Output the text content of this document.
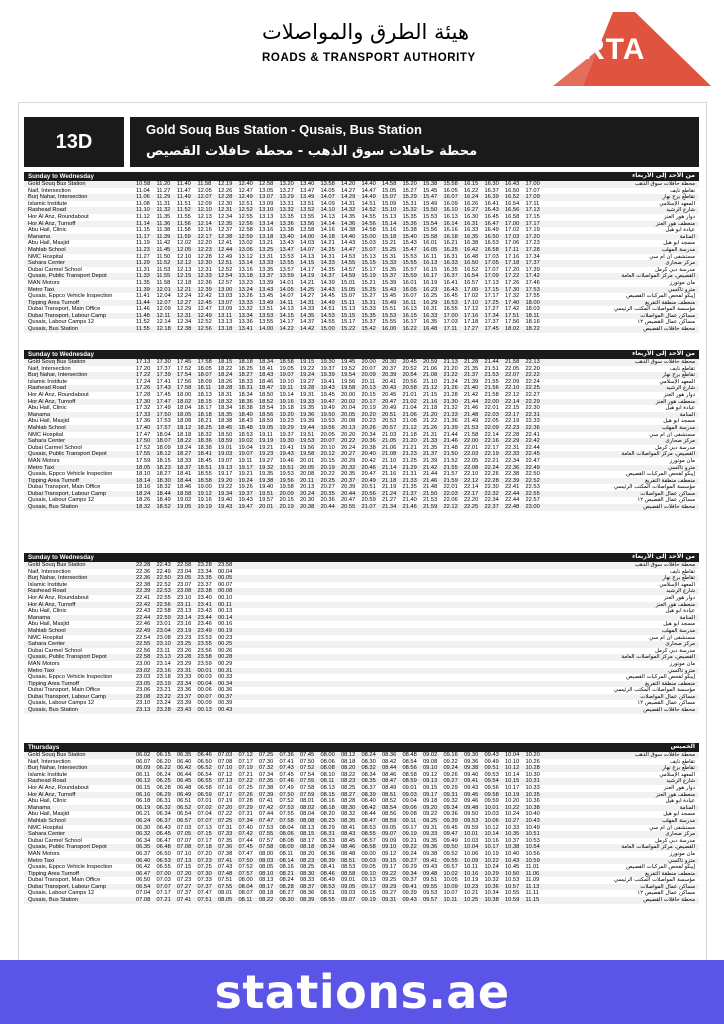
هيئة الطرق والمواصلات
ROADS & TRANSPORT AUTHORITY	RTA
13D
Gold Souq Bus Station - Qusais, Bus Station
محطة حافلات سوق الذهب - محطة حافلات القصيص
Sunday to Wednesday	من الأحد إلى الأربعاء
Gold Souq Bus Station	10.58	11.20	11.40	11.58	12.19	12.40	12.58	13.20	13.40	13.58	14.20	14.40	14.58	15.20	15.38	15.58	16.15	16.30	16.43	17.00	محطة حافلات سوق الذهب
Naif, Intersection	11.04	11.27	11.47	12.05	12.26	12.47	13.05	13.27	13.47	14.05	14.27	14.47	15.05	15.27	15.45	16.05	16.22	16.37	16.50	17.07	تقاطع نايف
Burj Nahar, Intersection	11.06	11.29	11.49	12.07	12.28	12.49	13.07	13.29	13.49	14.07	14.29	14.49	15.07	15.29	15.47	16.07	16.24	16.39	16.52	17.09	تقاطع برج نهار
Islamic Institute	11.08	11.31	11.51	12.09	12.30	12.51	13.09	13.31	13.51	14.09	14.31	14.51	15.09	15.31	15.49	16.09	16.26	16.41	16.54	17.11	المعهد الإسلامي
Rashead Road	11.10	11.32	11.52	12.10	12.31	12.52	13.10	13.32	13.52	14.10	14.32	14.52	15.10	15.32	15.50	16.10	16.27	16.43	16.56	17.13	شارع الرشيد
Hor Al Anz, Roundabout	11.12	11.35	11.55	12.13	12.34	12.55	13.13	13.35	13.55	14.13	14.35	14.55	15.13	15.35	15.53	16.13	16.30	16.45	16.58	17.15	دوار هور العنز
Hor Al Anz, Turnoff	11.14	11.36	11.56	12.14	12.35	12.56	13.14	13.36	13.56	14.14	14.36	14.56	15.14	15.36	15.54	16.14	16.31	16.47	17.00	17.17	منعطف هور العنز
Abu Hail, Clinic	11.15	11.38	11.58	12.16	12.37	12.58	13.16	13.38	13.58	14.16	14.38	14.58	15.16	15.38	15.56	16.16	16.33	16.49	17.02	17.19	عيادة أبو هيل
Manama	11.17	11.39	11.59	12.17	12.38	12.59	13.18	13.40	14.00	14.18	14.40	15.00	15.18	15.40	15.58	16.18	16.35	16.50	17.03	17.20	المنامة
Abu Hail, Masjid	11.19	11.42	12.02	12.20	12.41	13.02	13.21	13.43	14.03	14.21	14.43	15.03	15.21	15.43	16.01	16.21	16.38	16.53	17.06	17.23	مسجد أبو هيل
Mahlab School	11.23	11.45	12.05	12.23	12.44	13.06	13.25	13.47	14.07	14.25	14.47	15.07	15.25	15.47	16.05	16.25	16.42	16.58	17.11	17.28	مدرسة المهلب
NMC Hospital	11.27	11.50	12.10	12.28	12.49	13.12	13.31	13.53	14.13	14.31	14.53	15.13	15.31	15.53	16.11	16.31	16.48	17.03	17.16	17.34	مستشفى ان ام سي
Sahara Center	11.29	11.52	12.12	12.30	12.51	13.14	13.33	13.55	14.15	14.33	14.55	15.15	15.33	15.55	16.13	16.33	16.50	17.05	17.18	17.37	مركز صحارى
Dubai Carmel School	11.31	11.53	12.13	12.31	12.52	13.16	13.35	13.57	14.17	14.35	14.57	15.17	15.35	15.57	16.15	16.35	16.52	17.07	17.20	17.39	مدرسة دبي كرمل
Qusais, Public Transport Depot	11.33	11.55	12.15	12.33	12.54	13.18	13.37	13.59	14.19	14.37	14.59	15.19	15.37	15.59	16.17	16.37	16.54	17.09	17.22	17.42	القصيص، مركز المواصلات العامة
MAN Motors	11.35	11.58	12.18	12.36	12.57	13.23	13.39	14.01	14.21	14.39	15.01	15.21	15.39	16.01	16.19	16.41	16.57	17.13	17.26	17.46	مان موتورز
Metro Taxi	11.39	12.01	12.21	12.39	13.00	13.24	13.43	14.05	14.25	14.43	15.05	15.25	15.43	16.05	16.23	16.43	17.00	17.15	17.30	17.53	مترو تاكسي
Qusais, Eppco Vehicle Inspection	11.41	12.04	12.24	12.42	13.03	13.26	13.45	14.07	14.27	14.45	15.07	15.27	15.45	16.07	16.25	16.45	17.02	17.17	17.32	17.55	إيبكو لفحص المركبات القصيص
Tipping Area Turnoff	11.44	12.07	12.27	12.45	13.07	13.33	13.49	14.11	14.31	14.49	15.11	15.31	15.49	16.11	16.29	16.53	17.10	17.25	17.40	18.00	منعطف منطقة التفريغ
Dubai Transport, Main Office	11.46	12.09	12.29	12.47	13.09	13.32	13.51	14.13	14.33	14.51	15.13	15.33	15.51	16.13	16.31	16.55	17.12	17.27	17.42	18.03	مؤسسة المواصلات المكتب الرئيسي
Dubai Transport, Labour Camp	11.48	12.11	12.31	12.49	13.11	13.34	13.53	14.15	14.35	14.53	15.15	15.35	15.53	16.15	16.33	17.00	17.16	17.34	17.51	18.11	مساكن عمال المواصلات
Qusais, Labour Camps 12	11.52	12.14	12.34	12.52	13.13	13.36	13.55	14.17	14.37	14.55	15.17	15.37	15.55	16.17	16.35	17.03	17.18	17.37	17.56	18.16	مساكن عمال القصيص ١٢
Qusais, Bus Station	11.55	12.18	12.38	12.56	13.18	13.41	14.00	14.22	14.42	15.00	15.22	15.42	16.00	16.22	16.48	17.11	17.27	17.45	18.02	18.22	محطة حافلات القصيص
Sunday to Wednesday	من الأحد إلى الأربعاء
Gold Souq Bus Station	17.13	17.30	17.45	17.58	18.15	18.18	18.34	18.58	19.15	19.30	19.45	20.00	20.30	20.45	20.59	21.13	21.28	21.44	21.58	22.13	محطة حافلات سوق الذهب
Naif, Intersection	17.20	17.37	17.52	18.05	18.22	18.25	18.41	19.05	19.22	19.37	19.52	20.07	20.37	20.52	21.06	21.20	21.35	21.51	22.05	22.20	تقاطع نايف
Burj Nahar, Intersection	17.22	17.39	17.54	18.07	18.24	18.27	18.43	19.07	19.24	19.39	19.54	20.09	20.39	20.54	21.08	21.22	21.37	21.53	22.07	22.22	تقاطع برج نهار
Islamic Institute	17.24	17.41	17.56	18.09	18.26	18.33	18.46	19.10	19.27	19.41	19.56	20.11	20.41	20.56	21.10	21.24	21.39	21.55	22.09	22.24	المعهد الإسلامي
Rashead Road	17.26	17.43	17.58	18.11	18.28	18.31	18.47	19.11	19.28	19.43	19.58	20.13	20.43	20.58	21.12	21.26	21.40	21.56	22.10	22.25	شارع الرشيد
Hor Al Anz, Roundabout	17.28	17.45	18.00	18.13	18.31	18.34	18.50	19.14	19.31	19.45	20.00	20.15	20.45	21.01	21.15	21.28	21.42	21.58	22.12	22.27	دوار هور العنز
Hor Al Anz, Turnoff	17.30	17.47	18.02	18.15	18.32	18.36	18.52	19.16	19.33	19.47	20.02	20.17	20.47	21.02	21.16	21.30	21.44	22.00	22.14	22.29	منعطف هور العنز
Abu Hail, Clinic	17.32	17.49	18.04	18.17	18.34	18.38	18.54	19.18	19.35	19.49	20.04	20.19	20.49	21.04	21.18	21.32	21.46	22.01	22.15	22.30	عيادة أبو هيل
Manama	17.33	17.50	18.05	18.18	18.35	18.40	18.56	19.20	19.36	19.50	20.05	20.20	20.51	21.06	21.20	21.33	21.48	22.03	22.17	22.31	المنامة
Abu Hail, Masjid	17.36	17.53	18.08	18.21	18.38	18.43	18.59	19.23	19.39	19.53	20.08	20.23	20.53	21.08	21.22	21.36	21.49	22.05	22.19	22.33	مسجد أبو هيل
Mahlab School	17.40	17.57	18.12	18.25	18.45	18.48	19.05	19.29	19.44	19.56	20.13	20.26	20.57	21.12	21.26	21.39	21.53	22.09	22.23	22.36	مدرسة المهلب
NMC Hospital	17.47	18.04	18.18	18.32	18.50	18.53	19.11	19.37	19.51	20.05	20.20	20.34	21.03	21.18	21.31	21.44	21.58	22.14	22.28	22.41	مستشفى ان ام سي
Sahara Center	17.50	18.07	18.22	18.36	18.59	19.02	19.19	19.30	19.53	20.07	20.22	20.36	21.05	21.20	21.33	21.46	22.00	22.16	22.29	22.42	مركز صحارى
Dubai Carmel School	17.52	18.09	18.24	18.38	19.01	19.04	19.21	19.41	19.56	20.10	20.24	20.38	21.06	21.21	21.35	21.48	22.01	22.17	22.31	22.44	مدرسة دبي كرمل
Qusais, Public Transport Depot	17.55	18.12	18.27	18.41	19.03	19.07	19.23	19.43	19.58	20.12	20.27	20.40	21.08	21.23	21.37	21.50	22.03	22.19	22.33	22.45	القصيص، مركز المواصلات العامة
MAN Motors	17.59	18.15	18.33	18.45	19.07	19.11	19.27	19.46	20.01	20.15	20.29	20.42	21.10	21.25	21.39	21.52	22.05	22.21	22.34	22.47	مان موتورز
Metro Taxi	18.05	18.23	18.37	18.51	19.13	19.17	19.32	19.51	20.05	20.19	20.32	20.46	21.14	21.29	21.42	21.55	22.08	22.24	22.36	22.49	مترو تاكسي
Qusais, Eppco Vehicle Inspection	18.10	18.27	18.41	18.55	19.17	19.21	19.35	19.53	20.08	20.22	20.35	20.47	21.16	21.31	21.44	21.57	22.10	22.26	22.38	22.50	إيبكو لفحص المركبات القصيص
Tipping Area Turnoff	18.14	18.30	18.44	18.58	19.20	19.24	19.38	19.56	20.11	20.25	20.37	20.49	21.18	21.33	21.46	21.59	22.12	22.28	22.39	22.52	منعطف منطقة التفريغ
Dubai Transport, Main Office	18.16	18.32	18.46	19.00	19.22	19.26	19.40	19.58	20.13	20.27	20.39	20.51	21.19	21.35	21.48	22.01	22.14	22.30	22.41	22.53	مؤسسة المواصلات المكتب الرئيسي
Dubai Transport, Labour Camp	18.24	18.44	18.58	19.12	19.34	19.37	19.51	20.09	20.24	20.35	20.44	20.56	21.24	21.37	21.50	22.03	22.17	22.32	22.44	22.55	مساكن عمال المواصلات
Qusais, Labour Camps 12	18.26	18.49	19.02	19.16	19.40	19.43	19.57	20.15	20.30	20.36	20.47	20.59	21.27	21.40	21.53	22.06	22.20	22.34	22.44	22.57	مساكن عمال القصيص ١٢
Qusais, Bus Station	18.32	18.52	19.05	19.19	19.43	19.47	20.01	20.19	20.38	20.44	20.55	21.07	21.34	21.46	21.59	22.12	22.25	22.37	22.48	23.00	محطة حافلات القصيص
Sunday to Wednesday	من الأحد إلى الأربعاء
Gold Souq Bus Station	22.28	22.43	22.58	23.28	23.58	محطة حافلات سوق الذهب
Naif, Intersection	22.36	22.49	23.04	23.34	00.04	تقاطع نايف
Burj Nahar, Intersection	22.36	22.50	23.05	23.35	00.05	تقاطع برج نهار
Islamic Institute	22.38	22.52	23.07	23.37	00.07	المعهد الإسلامي
Rashead Road	22.39	22.53	23.08	23.38	00.08	شارع الرشيد
Hor Al Anz, Roundabout	22.41	22.55	23.10	23.40	00.10	دوار هور العنز
Hor Al Anz, Turnoff	22.42	22.56	23.11	23.41	00.11	منعطف هور العنز
Abu Hail, Clinic	22.43	22.58	23.13	23.43	00.13	عيادة أبو هيل
Manama	22.44	22.59	23.14	23.44	00.14	المنامة
Abu Hail, Masjid	22.46	23.01	23.16	23.46	00.16	مسجد أبو هيل
Mahlab School	22.49	23.04	23.19	23.49	00.19	مدرسة المهلب
NMC Hospital	22.54	23.08	23.23	23.53	00.23	مستشفى ان ام سي
Sahara Center	22.55	23.10	23.25	23.55	00.25	مركز صحارى
Dubai Carmel School	22.56	23.11	23.26	23.56	00.26	مدرسة دبي كرمل
Qusais, Public Transport Depot	22.58	23.13	23.28	23.58	00.28	القصيص، مركز المواصلات العامة
MAN Motors	23.00	23.14	23.29	23.59	00.29	مان موتورز
Metro Taxi	23.02	23.16	23.31	00.01	00.31	مترو تاكسي
Qusais, Eppco Vehicle Inspection	23.03	23.18	23.33	00.03	00.33	إيبكو لفحص المركبات القصيص
Tipping Area Turnoff	23.05	23.19	23.34	00.04	00.34	منعطف منطقة التفريغ
Dubai Transport, Main Office	23.06	23.21	23.36	00.06	00.36	مؤسسة المواصلات المكتب الرئيسي
Dubai Transport, Labour Camp	23.08	23.22	23.37	00.07	00.37	مساكن عمال المواصلات
Qusais, Labour Camps 12	23.10	23.24	23.39	00.09	00.39	مساكن عمال القصيص ١٢
Qusais, Bus Station	23.13	23.28	23.43	00.13	00.43	محطة حافلات القصيص
Thursdays	الخميس
Gold Souq Bus Station	06.02	06.15	06.35	06.46	07.03	07.12	07.25	07.36	07.45	08.00	08.12	08.24	08.36	08.48	09.02	09.16	09.30	09.43	10.04	10.20	محطة حافلات سوق الذهب
Naif, Intersection	06.07	06.20	06.40	06.50	07.08	07.17	07.30	07.41	07.50	08.06	08.18	08.30	08.42	08.54	09.08	09.22	09.36	09.49	10.10	10.26	تقاطع نايف
Burj Nahar, Intersection	06.09	06.22	06.42	06.52	07.10	07.19	07.32	07.43	07.52	08.08	08.20	08.32	08.44	08.56	09.10	09.24	09.38	09.51	10.12	10.28	تقاطع برج نهار
Islamic Institute	06.11	06.24	06.44	06.54	07.12	07.21	07.34	07.45	07.54	08.10	08.22	08.34	08.46	08.58	09.12	09.26	09.40	09.53	10.14	10.30	المعهد الإسلامي
Rashead Road	06.12	06.25	06.45	06.55	07.13	07.22	07.35	07.46	07.55	08.11	08.23	08.35	08.47	08.59	09.13	09.27	09.41	09.54	10.15	10.31	شارع الرشيد
Hor Al Anz, Roundabout	06.15	06.28	06.48	06.58	07.16	07.25	07.38	07.49	07.58	08.13	08.25	08.37	08.49	09.01	09.15	09.29	09.43	09.56	10.17	10.33	دوار هور العنز
Hor Al Anz, Turnoff	06.16	06.29	06.49	06.59	07.17	07.26	07.39	07.50	07.59	08.15	08.27	08.39	08.51	09.03	09.17	09.31	09.45	09.58	10.19	10.35	منعطف هور العنز
Abu Hail, Clinic	06.18	06.31	06.51	07.01	07.19	07.28	07.41	07.52	08.01	08.16	08.28	08.40	08.52	09.04	09.18	09.32	09.46	09.59	10.20	10.36	عيادة أبو هيل
Manama	06.19	06.32	06.52	07.02	07.20	07.29	07.42	07.53	08.02	08.18	08.30	08.42	08.54	09.06	09.20	09.34	09.48	10.01	10.22	10.38	المنامة
Abu Hail, Masjid	06.21	06.34	06.54	07.04	07.22	07.31	07.44	07.55	08.04	08.20	08.32	08.44	08.56	09.08	09.22	09.36	09.50	10.03	10.24	10.40	مسجد أبو هيل
Mahlab School	06.24	06.37	06.57	07.07	07.25	07.34	07.47	07.58	08.08	08.23	08.35	08.47	08.59	09.11	09.25	09.39	09.53	10.06	10.27	10.43	مدرسة المهلب
NMC Hospital	06.30	06.43	07.03	07.13	07.31	07.40	07.53	08.04	08.13	08.29	08.41	08.53	09.05	09.17	09.31	09.45	09.59	10.12	10.33	10.49	مستشفى ان ام سي
Sahara Center	06.32	06.45	07.05	07.15	07.33	07.42	07.55	08.06	08.15	08.31	08.43	08.55	09.07	09.19	09.33	09.47	10.01	10.14	10.35	10.51	مركز صحارى
Dubai Carmel School	06.34	06.47	07.07	07.17	07.35	07.44	07.57	08.08	08.17	08.33	08.45	08.57	09.09	09.21	09.35	09.49	10.03	10.16	10.37	10.53	مدرسة دبي كرمل
Qusais, Public Transport Depot	06.35	06.48	07.08	07.18	07.36	07.45	07.58	08.09	08.18	08.34	08.46	08.58	09.10	09.22	09.36	09.50	10.04	10.17	10.38	10.54	القصيص، مركز المواصلات العامة
MAN Motors	06.37	06.50	07.10	07.20	07.38	07.47	08.00	08.11	08.20	08.36	08.48	09.00	09.12	09.24	09.38	09.52	10.06	10.19	10.40	10.56	مان موتورز
Metro Taxi	06.40	06.53	07.13	07.23	07.41	07.50	08.03	08.14	08.23	08.39	08.51	09.03	09.15	09.27	09.41	09.55	10.09	10.22	10.43	10.59	مترو تاكسي
Qusais, Eppco Vehicle Inspection	06.42	06.55	07.15	07.25	07.43	07.52	08.05	08.16	08.25	08.41	08.53	09.05	09.17	09.29	09.43	09.57	10.11	10.24	10.45	11.01	إيبكو لفحص المركبات القصيص
Tipping Area Turnoff	06.47	07.00	07.20	07.30	07.48	07.57	08.10	08.21	08.30	08.46	08.58	09.10	09.22	09.34	09.48	10.02	10.16	10.29	10.50	11.06	منعطف منطقة التفريغ
Dubai Transport, Main Office	06.50	07.03	07.23	07.33	07.51	08.00	08.13	08.24	08.33	08.49	09.01	09.13	09.25	09.37	09.51	10.05	10.19	10.32	10.53	11.09	مؤسسة المواصلات المكتب الرئيسي
Dubai Transport, Labour Camp	06.54	07.07	07.27	07.37	07.55	08.04	08.17	08.28	08.37	08.53	09.05	09.17	09.29	09.41	09.55	10.09	10.23	10.36	10.57	11.13	مساكن عمال المواصلات
Qusais, Labour Camps 12	07.04	07.17	07.37	07.47	08.01	08.07	08.18	08.27	08.36	08.51	09.03	09.15	09.27	09.39	09.53	10.07	10.21	10.34	10.55	11.11	مساكن عمال القصيص ١٢
Qusais, Bus Station	07.08	07.21	07.41	07.51	08.05	08.11	08.22	08.30	08.39	08.55	09.07	09.19	09.31	09.43	09.57	10.11	10.25	10.38	10.59	11.15	محطة حافلات القصيص
stations.ae
